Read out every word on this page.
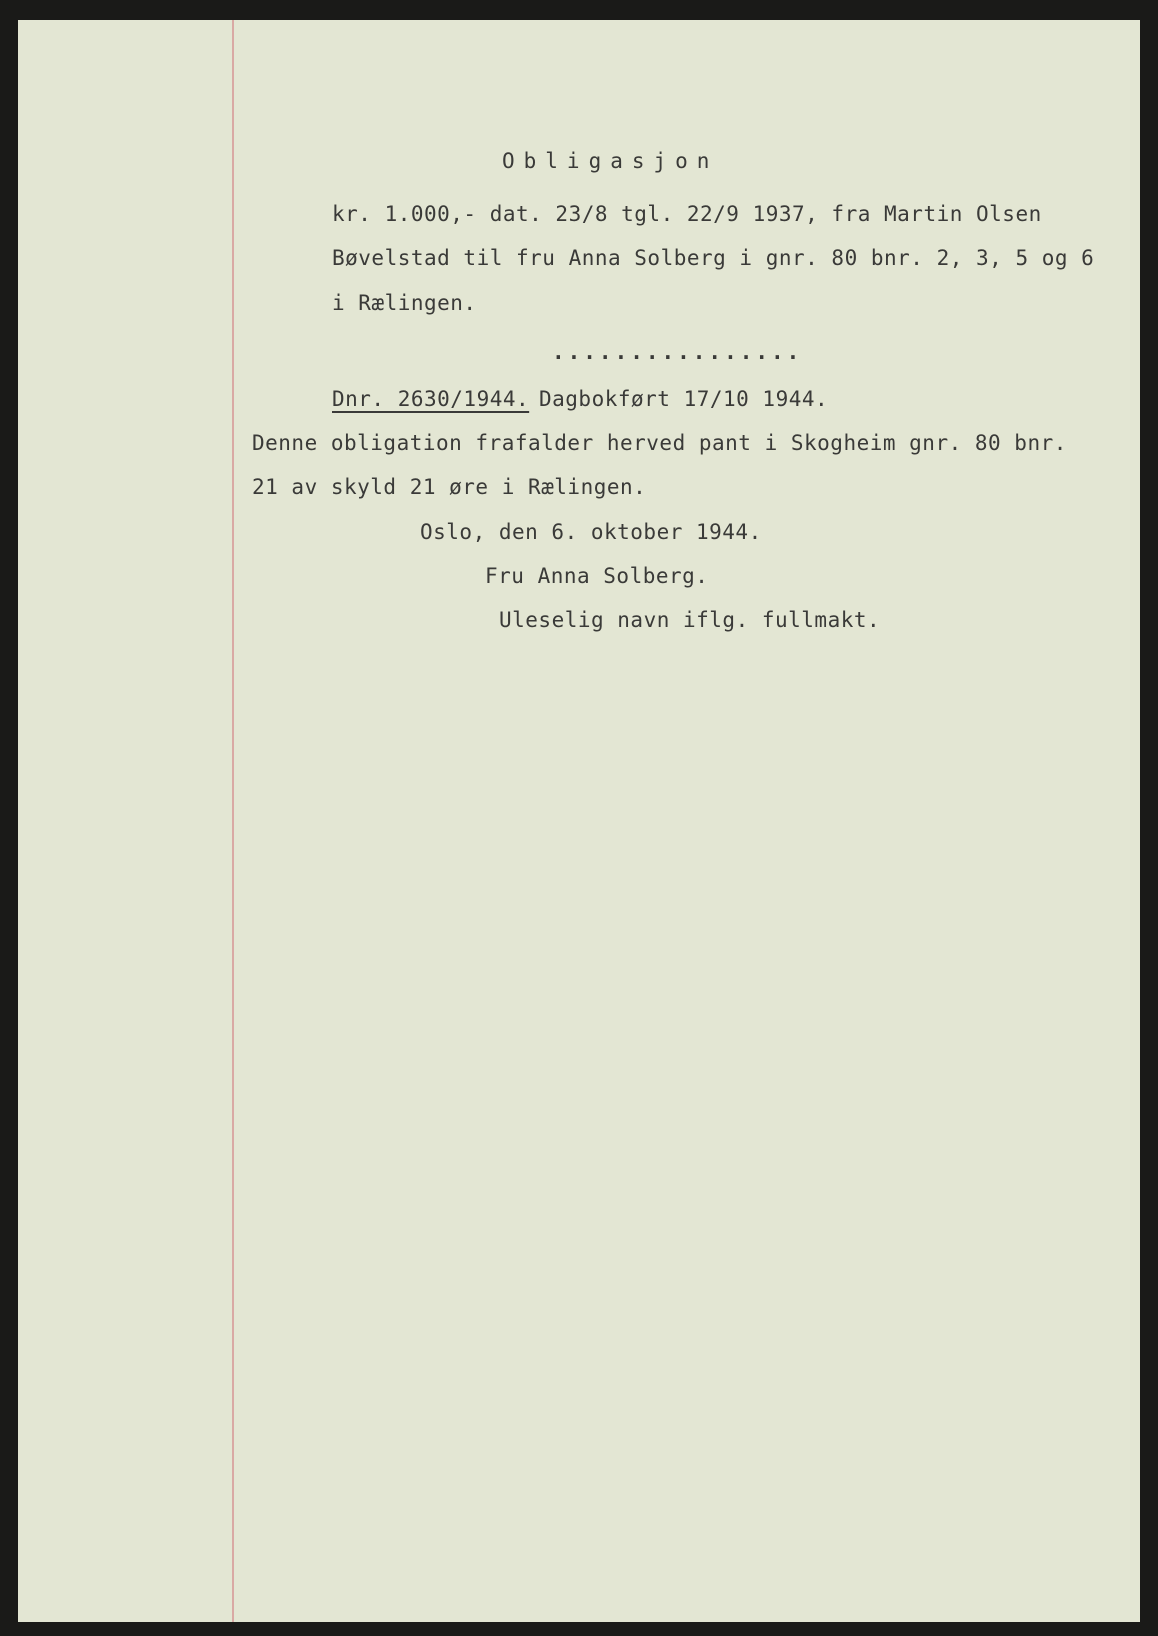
Obligasjon
kr. 1.000,- dat. 23/8 tgl. 22/9 1937, fra Martin Olsen
Bøvelstad til fru Anna Solberg i gnr. 80 bnr. 2, 3, 5 og 6
i Rælingen.
................
Dnr. 2630/1944. Dagbokført 17/10 1944.
Denne obligation frafalder herved pant i Skogheim gnr. 80 bnr.
21 av skyld 21 øre i Rælingen.
Oslo, den 6. oktober 1944.
Fru Anna Solberg.
Uleselig navn iflg. fullmakt.
